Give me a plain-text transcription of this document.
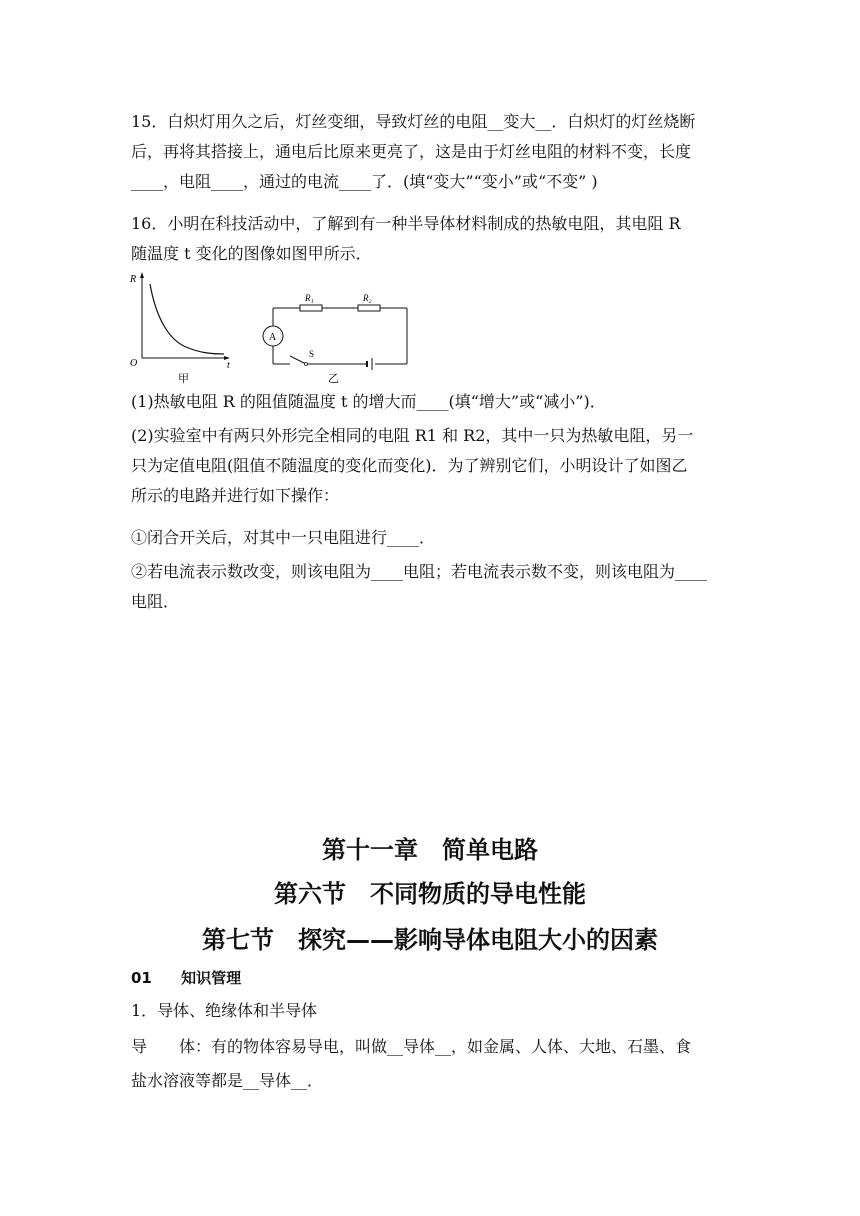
15．白炽灯用久之后，灯丝变细，导致灯丝的电阻__变大__．白炽灯的灯丝烧断
后，再将其搭接上，通电后比原来更亮了，这是由于灯丝电阻的材料不变，长度
____，电阻____，通过的电流____了．(填“变大”“变小”或“不变” )
16．小明在科技活动中，了解到有一种半导体材料制成的热敏电阻，其电阻 R
随温度 t 变化的图像如图甲所示．
R
t
O
甲
A
R₁	R₂
S
乙
(1)热敏电阻 R 的阻值随温度 t 的增大而____(填“增大”或“减小”)．
(2)实验室中有两只外形完全相同的电阻 R1 和 R2，其中一只为热敏电阻，另一
只为定值电阻(阻值不随温度的变化而变化)．为了辨别它们，小明设计了如图乙
所示的电路并进行如下操作：
①闭合开关后，对其中一只电阻进行____．
②若电流表示数改变，则该电阻为____电阻；若电流表示数不变，则该电阻为____
电阻．
第十一章　简单电路
第六节　不同物质的导电性能
第七节　探究——影响导体电阻大小的因素
01 知识管理
1．导体、绝缘体和半导体
导　　体：有的物体容易导电，叫做__导体__，如金属、人体、大地、石墨、食
盐水溶液等都是__导体__．
